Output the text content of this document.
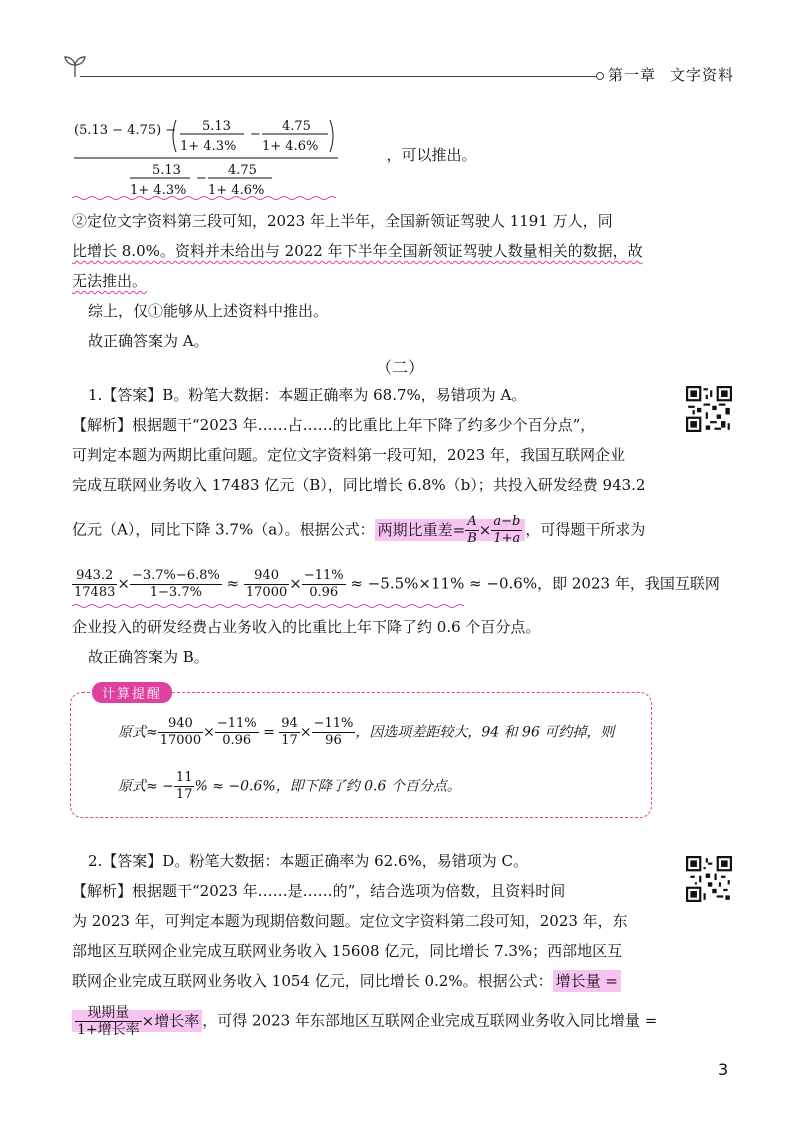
第一章 文字资料
(5.13 − 4.75) − 5.13
1+ 4.3%
−
4.75
1+ 4.6%
5.13
1+ 4.3%
−
4.75
1+ 4.6%
，可以推出。
②定位文字资料第三段可知，2023 年上半年，全国新领证驾驶人 1191 万人，同
比增长 8.0%。资料并未给出与 2022 年下半年全国新领证驾驶人数量相关的数据，故
无法推出。
综上，仅①能够从上述资料中推出。
故正确答案为 A。
（二）
1.【答案】B。粉笔大数据：本题正确率为 68.7%，易错项为 A。
【解析】根据题干“2023 年……占……的比重比上年下降了约多少个百分点”，
可判定本题为两期比重问题。定位文字资料第一段可知，2023 年，我国互联网企业
完成互联网业务收入 17483 亿元（B），同比增长 6.8%（b）；共投入研发经费 943.2
亿元（A），同比下降 3.7%（a）。根据公式： 两期比重差= $\frac{A}{B} \times \frac{a-b}{1+a}$ ，可得题干所求为
$\frac{943.2}{17483} \times \frac{-3.7\%-6.8\%}{1-3.7\%} \approx \frac{940}{17000} \times \frac{-11\%}{0.96} \approx -5.5\%\times 11\% \approx -0.6\%$，即 2023 年，我国互联网
企业投入的研发经费占业务收入的比重比上年下降了约 0.6 个百分点。
故正确答案为 B。
计算提醒
原式≈ $\frac{940}{17000} \times \frac{-11\%}{0.96} = \frac{94}{17} \times \frac{-11\%}{96}$ ，因选项差距较大，94 和 96 可约掉，则
原式≈ − $\frac{11}{17}$ % ≈ −0.6%，即下降了约 0.6 个百分点。
2.【答案】D。粉笔大数据：本题正确率为 62.6%，易错项为 C。
【解析】根据题干“2023 年……是……的”，结合选项为倍数，且资料时间
为 2023 年，可判定本题为现期倍数问题。定位文字资料第二段可知，2023 年，东
部地区互联网企业完成互联网业务收入 15608 亿元，同比增长 7.3%；西部地区互
联网企业完成互联网业务收入 1054 亿元，同比增长 0.2%。根据公式： 增长量 =
$\frac{\text{现期量}}{\text{1+增长率}}$ ×增长率 ，可得 2023 年东部地区互联网企业完成互联网业务收入同比增量 =
3
